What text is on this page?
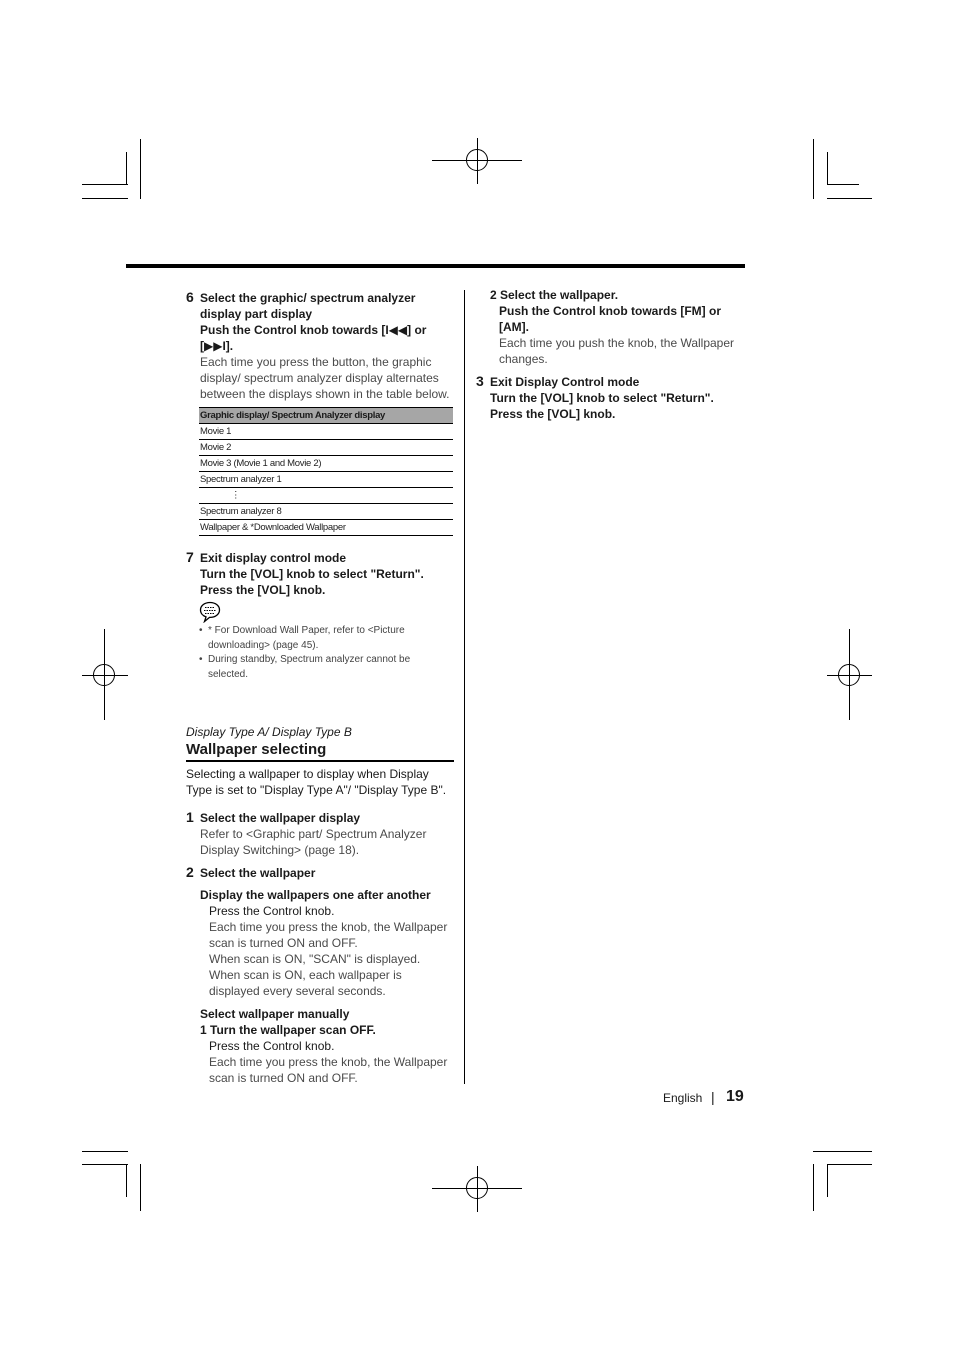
6 Select the graphic/ spectrum analyzer display part display

Push the Control knob towards [I◀◀] or [▶▶I].

Each time you press the button, the graphic display/ spectrum analyzer display alternates between the displays shown in the table below.

Graphic display/ Spectrum Analyzer display
Movie 1
Movie 2
Movie 3 (Movie 1 and Movie 2)
Spectrum analyzer 1
⋮
Spectrum analyzer 8
Wallpaper & *Downloaded Wallpaper
7 Exit display control mode

Turn the [VOL] knob to select "Return".

Press the [VOL] knob.

• * For Download Wall Paper, refer to <Picture downloading> (page 45).

• During standby, Spectrum analyzer cannot be selected.

Display Type A/ Display Type B

Wallpaper selecting

Selecting a wallpaper to display when Display Type is set to "Display Type A"/ "Display Type B".

1 Select the wallpaper display

Refer to <Graphic part/ Spectrum Analyzer Display Switching> (page 18).

2 Select the wallpaper

Display the wallpapers one after another

Press the Control knob.

Each time you press the knob, the Wallpaper scan is turned ON and OFF.

When scan is ON, "SCAN" is displayed.

When scan is ON, each wallpaper is displayed every several seconds.

Select wallpaper manually

1 Turn the wallpaper scan OFF.

Press the Control knob.

Each time you press the knob, the Wallpaper scan is turned ON and OFF.

2 Select the wallpaper.

Push the Control knob towards [FM] or [AM].

Each time you push the knob, the Wallpaper changes.

3 Exit Display Control mode

Turn the [VOL] knob to select "Return".

Press the [VOL] knob.

English | 19
